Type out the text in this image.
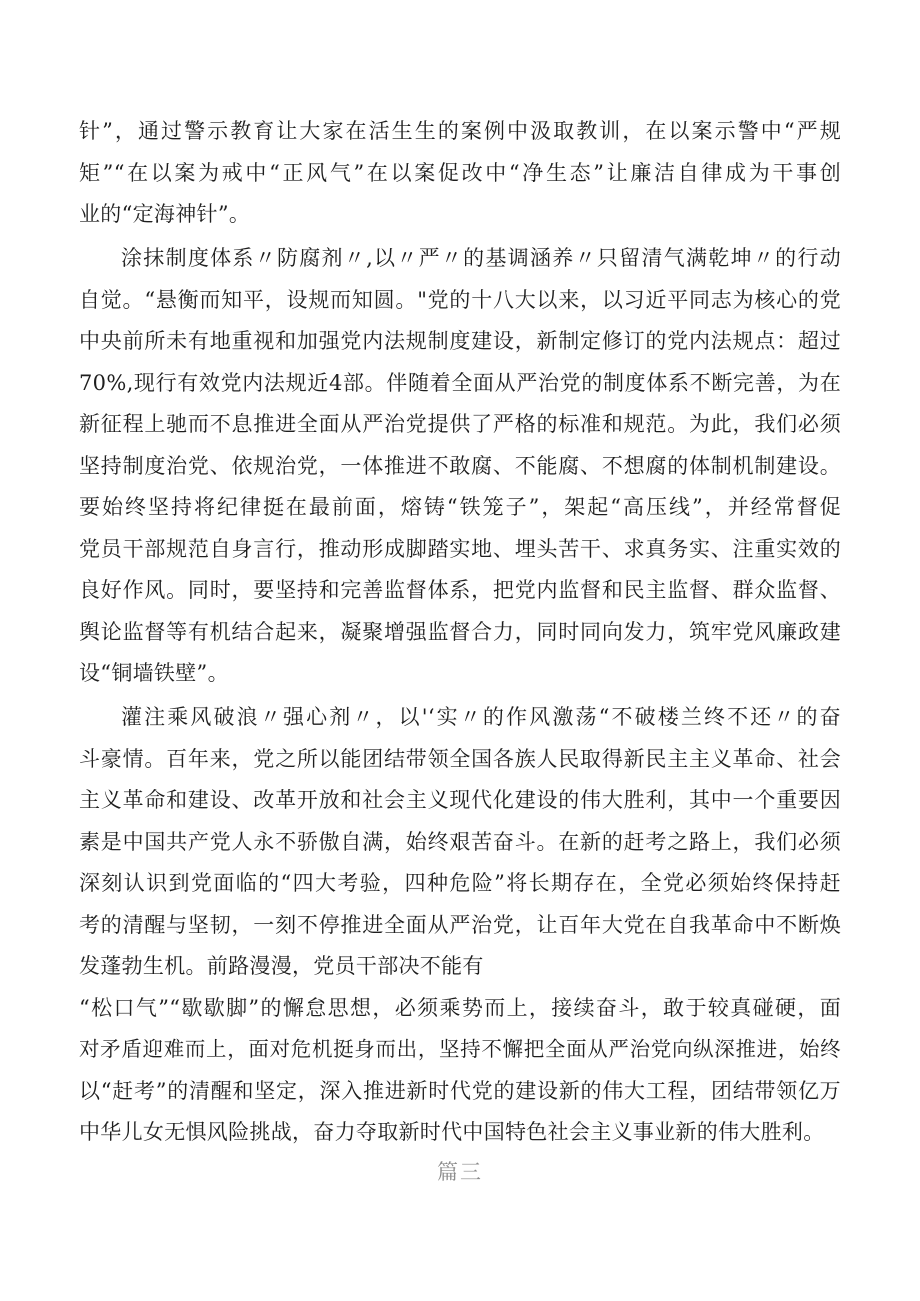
针”，通过警示教育让大家在活生生的案例中汲取教训，在以案示警中“严规
矩”“在以案为戒中“正风气”在以案促改中“净生态”让廉洁自律成为干事创
业的“定海神针”。
涂抹制度体系〃防腐剂〃,以〃严〃的基调涵养〃只留清气满乾坤〃的行动
自觉。“悬衡而知平，设规而知圆。"党的十八大以来，以习近平同志为核心的党
中央前所未有地重视和加强党内法规制度建设，新制定修订的党内法规点：超过
70%,现行有效党内法规近4部。伴随着全面从严治党的制度体系不断完善，为在
新征程上驰而不息推进全面从严治党提供了严格的标准和规范。为此，我们必须
坚持制度治党、依规治党，一体推进不敢腐、不能腐、不想腐的体制机制建设。
要始终坚持将纪律挺在最前面，熔铸“铁笼子”，架起“高压线”，并经常督促
党员干部规范自身言行，推动形成脚踏实地、埋头苦干、求真务实、注重实效的
良好作风。同时，要坚持和完善监督体系，把党内监督和民主监督、群众监督、
舆论监督等有机结合起来，凝聚增强监督合力，同时同向发力，筑牢党风廉政建
设“铜墙铁壁”。
灌注乘风破浪〃强心剂〃，以'‘实〃的作风激荡“不破楼兰终不还〃的奋
斗豪情。百年来，党之所以能团结带领全国各族人民取得新民主主义革命、社会
主义革命和建设、改革开放和社会主义现代化建设的伟大胜利，其中一个重要因
素是中国共产党人永不骄傲自满，始终艰苦奋斗。在新的赶考之路上，我们必须
深刻认识到党面临的“四大考验，四种危险”将长期存在，全党必须始终保持赶
考的清醒与坚韧，一刻不停推进全面从严治党，让百年大党在自我革命中不断焕
发蓬勃生机。前路漫漫，党员干部决不能有
“松口气”“歇歇脚”的懈怠思想，必须乘势而上，接续奋斗，敢于较真碰硬，面
对矛盾迎难而上，面对危机挺身而出，坚持不懈把全面从严治党向纵深推进，始终
以“赶考”的清醒和坚定，深入推进新时代党的建设新的伟大工程，团结带领亿万
中华儿女无惧风险挑战，奋力夺取新时代中国特色社会主义事业新的伟大胜利。
篇三
